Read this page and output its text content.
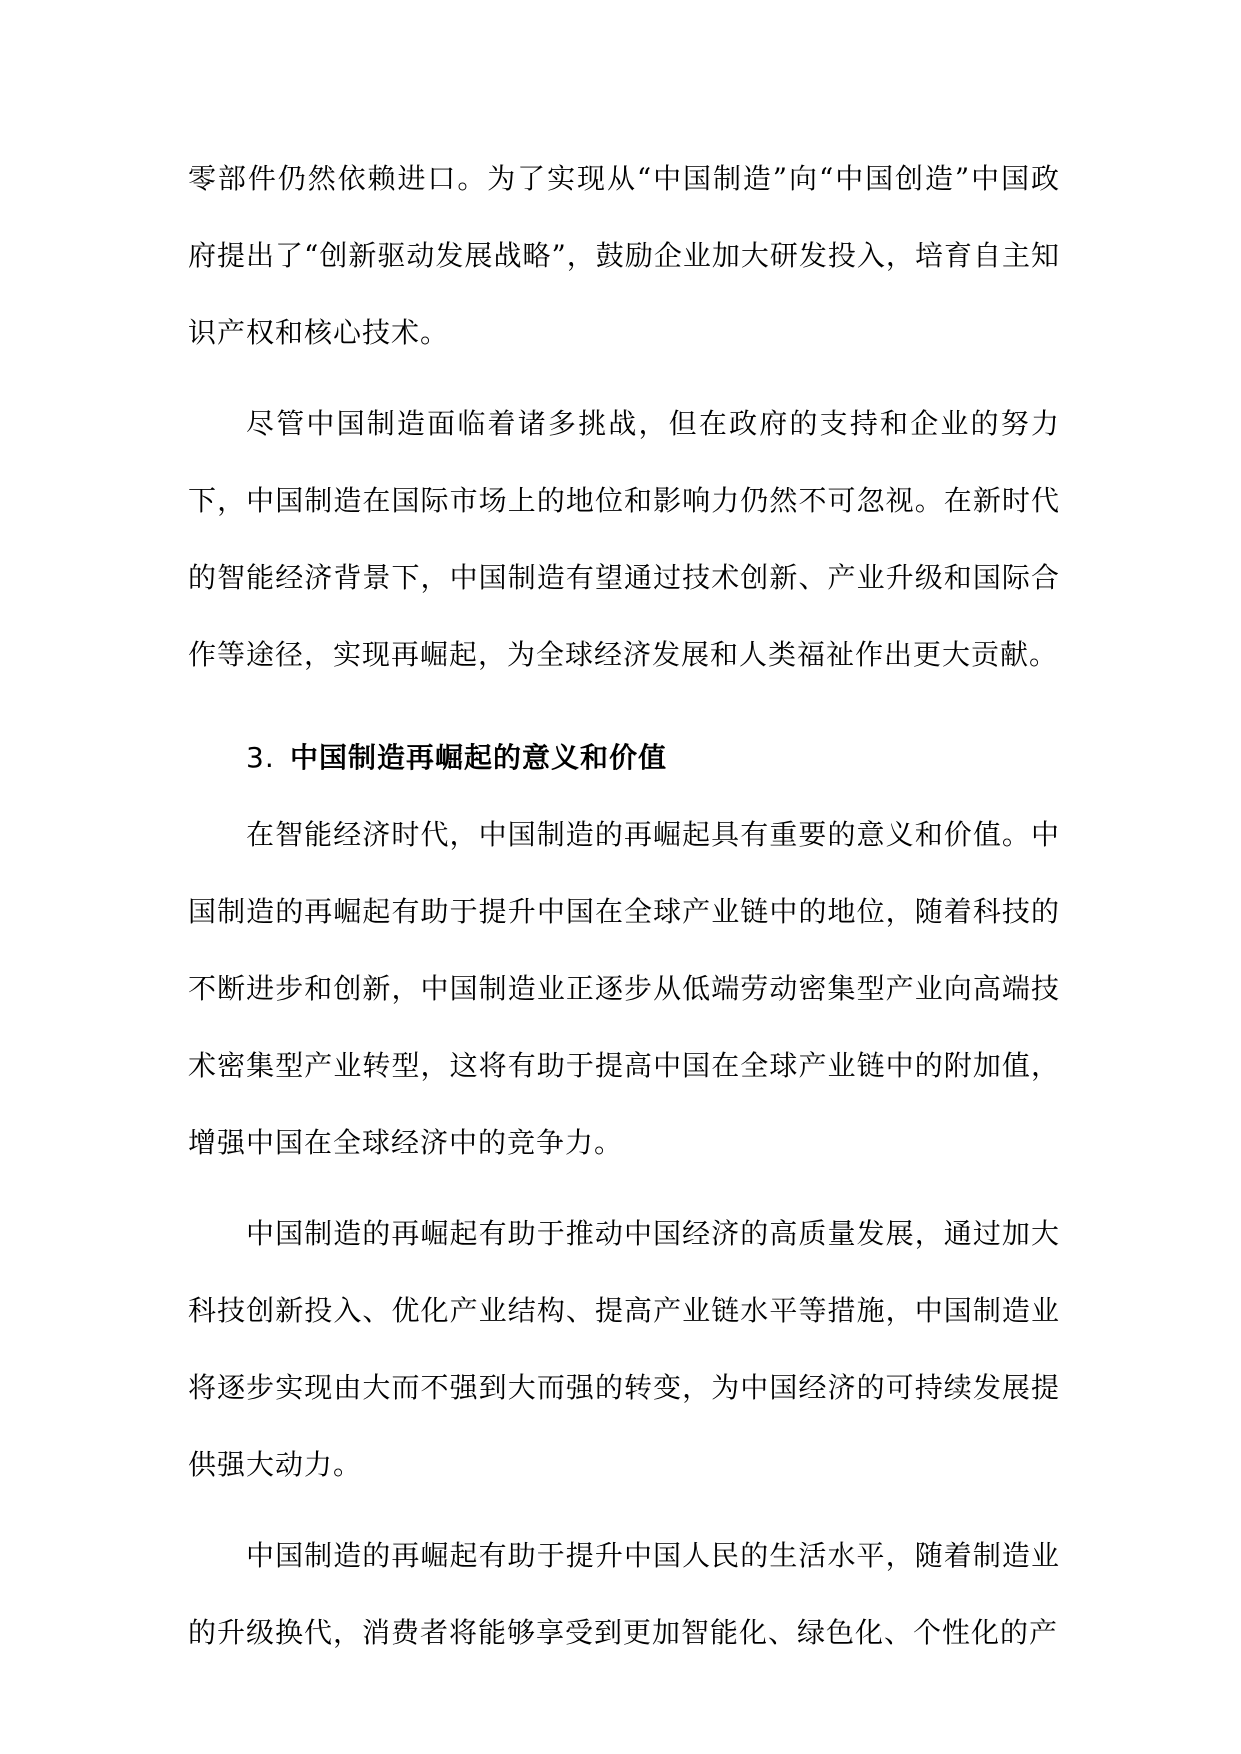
零部件仍然依赖进口。为了实现从“中国制造”向“中国创造”中国政府提出了“创新驱动发展战略”，鼓励企业加大研发投入，培育自主知识产权和核心技术。

尽管中国制造面临着诸多挑战，但在政府的支持和企业的努力下，中国制造在国际市场上的地位和影响力仍然不可忽视。在新时代的智能经济背景下，中国制造有望通过技术创新、产业升级和国际合作等途径，实现再崛起，为全球经济发展和人类福祉作出更大贡献。

3. 中国制造再崛起的意义和价值

在智能经济时代，中国制造的再崛起具有重要的意义和价值。中国制造的再崛起有助于提升中国在全球产业链中的地位，随着科技的不断进步和创新，中国制造业正逐步从低端劳动密集型产业向高端技术密集型产业转型，这将有助于提高中国在全球产业链中的附加值，增强中国在全球经济中的竞争力。

中国制造的再崛起有助于推动中国经济的高质量发展，通过加大科技创新投入、优化产业结构、提高产业链水平等措施，中国制造业将逐步实现由大而不强到大而强的转变，为中国经济的可持续发展提供强大动力。

中国制造的再崛起有助于提升中国人民的生活水平，随着制造业的升级换代，消费者将能够享受到更加智能化、绿色化、个性化的产
